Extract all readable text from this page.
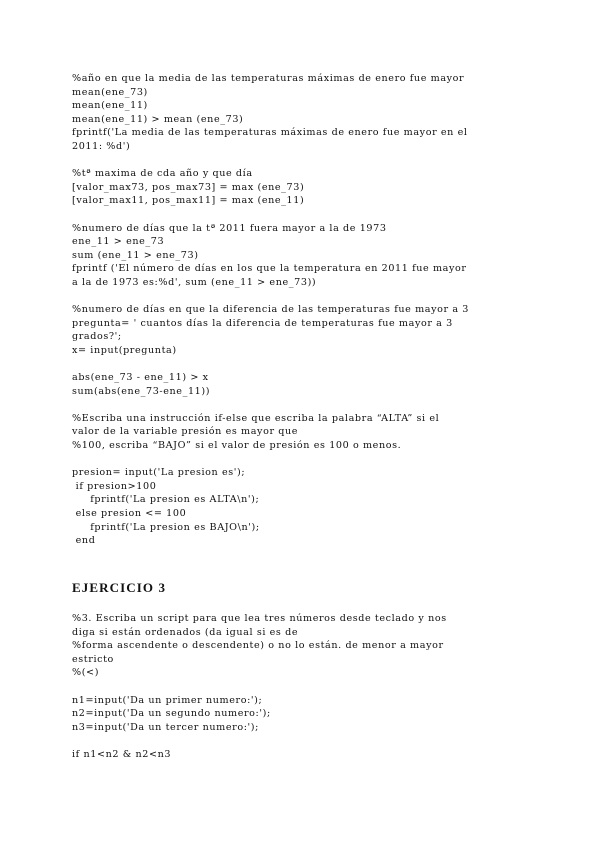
%año en que la media de las temperaturas máximas de enero fue mayor
mean(ene_73)
mean(ene_11)
mean(ene_11) > mean (ene_73)
fprintf('La media de las temperaturas máximas de enero fue mayor en el
2011: %d')
%tª maxima de cda año y que día
[valor_max73, pos_max73] = max (ene_73)
[valor_max11, pos_max11] = max (ene_11)
%numero de días que la tª 2011 fuera mayor a la de 1973
ene_11 > ene_73
sum (ene_11 > ene_73)
fprintf ('El número de días en los que la temperatura en 2011 fue mayor
a la de 1973 es:%d', sum (ene_11 > ene_73))
%numero de días en que la diferencia de las temperaturas fue mayor a 3
pregunta= ' cuantos días la diferencia de temperaturas fue mayor a 3
grados?';
x= input(pregunta)
abs(ene_73 - ene_11) > x
sum(abs(ene_73-ene_11))
%Escriba una instrucción if-else que escriba la palabra “ALTA” si el
valor de la variable presión es mayor que
%100, escriba “BAJO” si el valor de presión es 100 o menos.
presion= input('La presion es');
if presion>100
fprintf('La presion es ALTA\n');
else presion <= 100
fprintf('La presion es BAJO\n');
end
EJERCICIO 3
%3. Escriba un script para que lea tres números desde teclado y nos
diga si están ordenados (da igual si es de
%forma ascendente o descendente) o no lo están. de menor a mayor
estricto
%(<)
n1=input('Da un primer numero:');
n2=input('Da un segundo numero:');
n3=input('Da un tercer numero:');
if n1<n2 & n2<n3
